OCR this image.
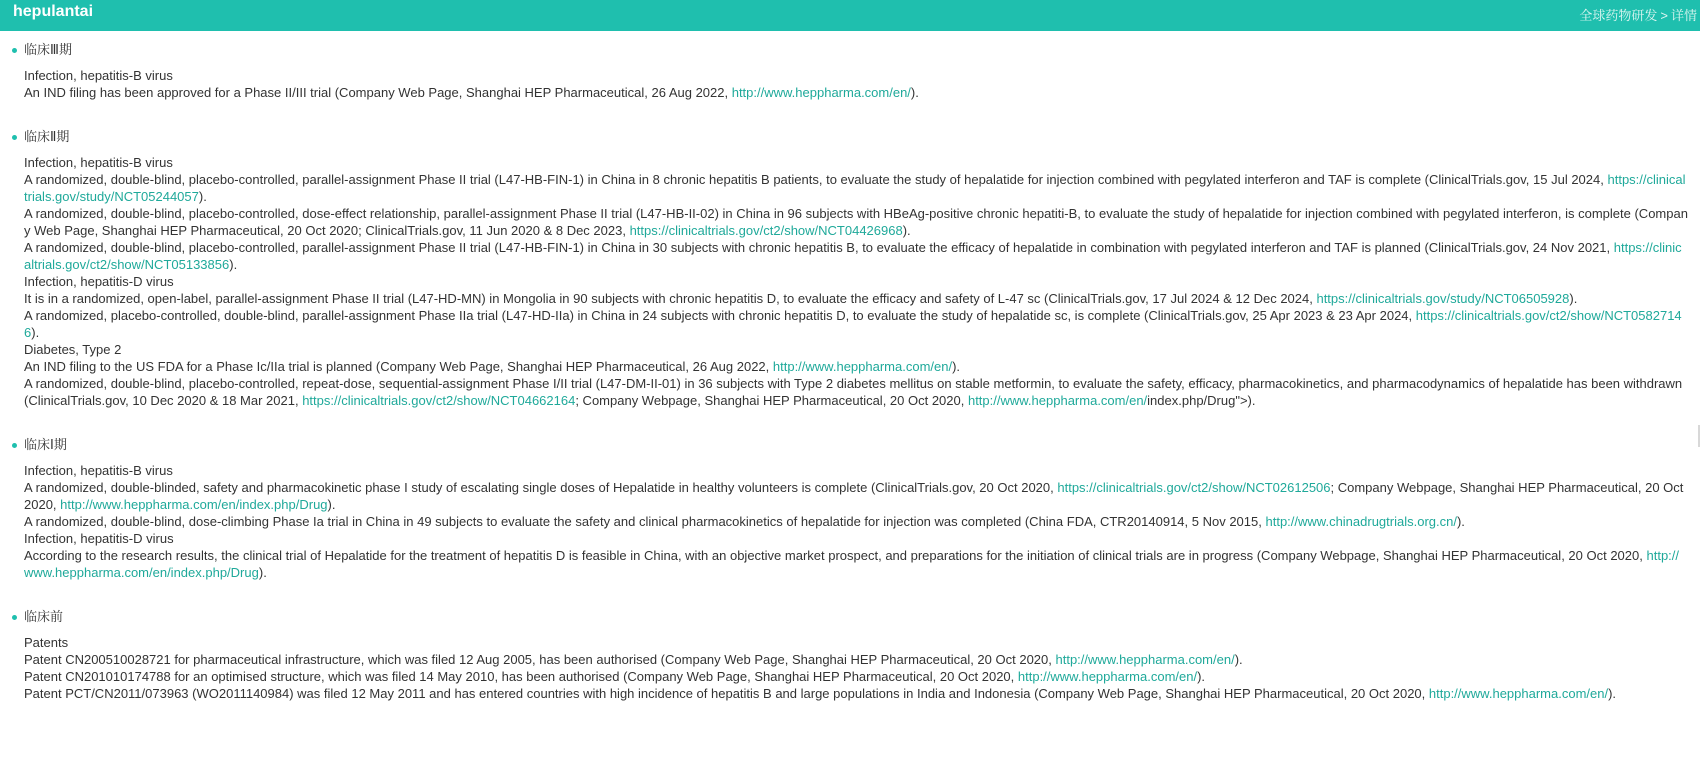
hepulantai	全球药物研发 > 详情
临床Ⅲ期
Infection, hepatitis-B virus
An IND filing has been approved for a Phase II/III trial (Company Web Page, Shanghai HEP Pharmaceutical, 26 Aug 2022, http://www.heppharma.com/en/).
临床Ⅱ期
Infection, hepatitis-B virus
A randomized, double-blind, placebo-controlled, parallel-assignment Phase II trial (L47-HB-FIN-1) in China in 8 chronic hepatitis B patients, to evaluate the study of hepalatide for injection combined with pegylated interferon and TAF is complete (ClinicalTrials.gov, 15 Jul 2024, https://clinicaltrials.gov/study/NCT05244057).
A randomized, double-blind, placebo-controlled, dose-effect relationship, parallel-assignment Phase II trial (L47-HB-II-02) in China in 96 subjects with HBeAg-positive chronic hepatiti-B, to evaluate the study of hepalatide for injection combined with pegylated interferon, is complete (Company Web Page, Shanghai HEP Pharmaceutical, 20 Oct 2020; ClinicalTrials.gov, 11 Jun 2020 & 8 Dec 2023, https://clinicaltrials.gov/ct2/show/NCT04426968).
A randomized, double-blind, placebo-controlled, parallel-assignment Phase II trial (L47-HB-FIN-1) in China in 30 subjects with chronic hepatitis B, to evaluate the efficacy of hepalatide in combination with pegylated interferon and TAF is planned (ClinicalTrials.gov, 24 Nov 2021, https://clinicaltrials.gov/ct2/show/NCT05133856).
Infection, hepatitis-D virus
It is in a randomized, open-label, parallel-assignment Phase II trial (L47-HD-MN) in Mongolia in 90 subjects with chronic hepatitis D, to evaluate the efficacy and safety of L-47 sc (ClinicalTrials.gov, 17 Jul 2024 & 12 Dec 2024, https://clinicaltrials.gov/study/NCT06505928).
A randomized, placebo-controlled, double-blind, parallel-assignment Phase IIa trial (L47-HD-IIa) in China in 24 subjects with chronic hepatitis D, to evaluate the study of hepalatide sc, is complete (ClinicalTrials.gov, 25 Apr 2023 & 23 Apr 2024, https://clinicaltrials.gov/ct2/show/NCT05827146).
Diabetes, Type 2
An IND filing to the US FDA for a Phase Ic/IIa trial is planned (Company Web Page, Shanghai HEP Pharmaceutical, 26 Aug 2022, http://www.heppharma.com/en/).
A randomized, double-blind, placebo-controlled, repeat-dose, sequential-assignment Phase I/II trial (L47-DM-II-01) in 36 subjects with Type 2 diabetes mellitus on stable metformin, to evaluate the safety, efficacy, pharmacokinetics, and pharmacodynamics of hepalatide has been withdrawn (ClinicalTrials.gov, 10 Dec 2020 & 18 Mar 2021, https://clinicaltrials.gov/ct2/show/NCT04662164; Company Webpage, Shanghai HEP Pharmaceutical, 20 Oct 2020, http://www.heppharma.com/en/index.php/Drug">).
临床Ⅰ期
Infection, hepatitis-B virus
A randomized, double-blinded, safety and pharmacokinetic phase I study of escalating single doses of Hepalatide in healthy volunteers is complete (ClinicalTrials.gov, 20 Oct 2020, https://clinicaltrials.gov/ct2/show/NCT02612506; Company Webpage, Shanghai HEP Pharmaceutical, 20 Oct 2020, http://www.heppharma.com/en/index.php/Drug).
A randomized, double-blind, dose-climbing Phase Ia trial in China in 49 subjects to evaluate the safety and clinical pharmacokinetics of hepalatide for injection was completed (China FDA, CTR20140914, 5 Nov 2015, http://www.chinadrugtrials.org.cn/).
Infection, hepatitis-D virus
According to the research results, the clinical trial of Hepalatide for the treatment of hepatitis D is feasible in China, with an objective market prospect, and preparations for the initiation of clinical trials are in progress (Company Webpage, Shanghai HEP Pharmaceutical, 20 Oct 2020, http://www.heppharma.com/en/index.php/Drug).
临床前
Patents
Patent CN200510028721 for pharmaceutical infrastructure, which was filed 12 Aug 2005, has been authorised (Company Web Page, Shanghai HEP Pharmaceutical, 20 Oct 2020, http://www.heppharma.com/en/).
Patent CN201010174788 for an optimised structure, which was filed 14 May 2010, has been authorised (Company Web Page, Shanghai HEP Pharmaceutical, 20 Oct 2020, http://www.heppharma.com/en/).
Patent PCT/CN2011/073963 (WO2011140984) was filed 12 May 2011 and has entered countries with high incidence of hepatitis B and large populations in India and Indonesia (Company Web Page, Shanghai HEP Pharmaceutical, 20 Oct 2020, http://www.heppharma.com/en/).
